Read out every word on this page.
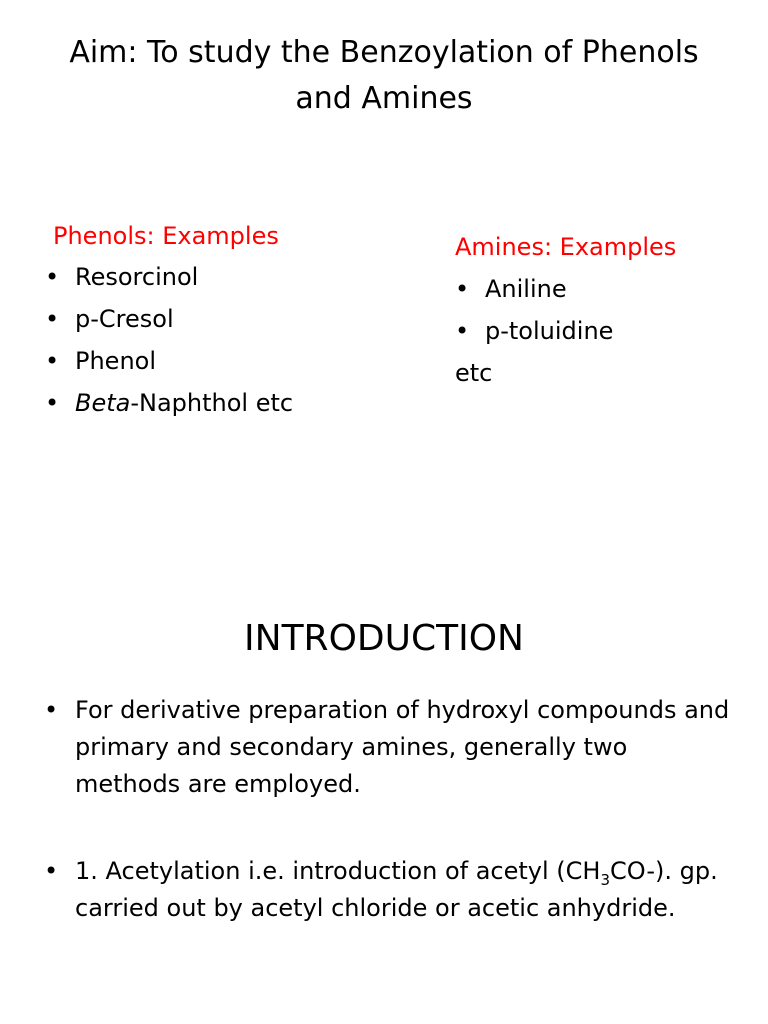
Aim: To study the Benzoylation of Phenols
and Amines
Phenols: Examples
• Resorcinol
• p-Cresol
• Phenol
• Beta-Naphthol etc
Amines: Examples
• Aniline
• p-toluidine
etc
INTRODUCTION
• For derivative preparation of hydroxyl compounds and primary and secondary amines, generally two methods are employed.
• 1. Acetylation i.e. introduction of acetyl $(CH_3CO-)$. gp. carried out by acetyl chloride or acetic anhydride.
